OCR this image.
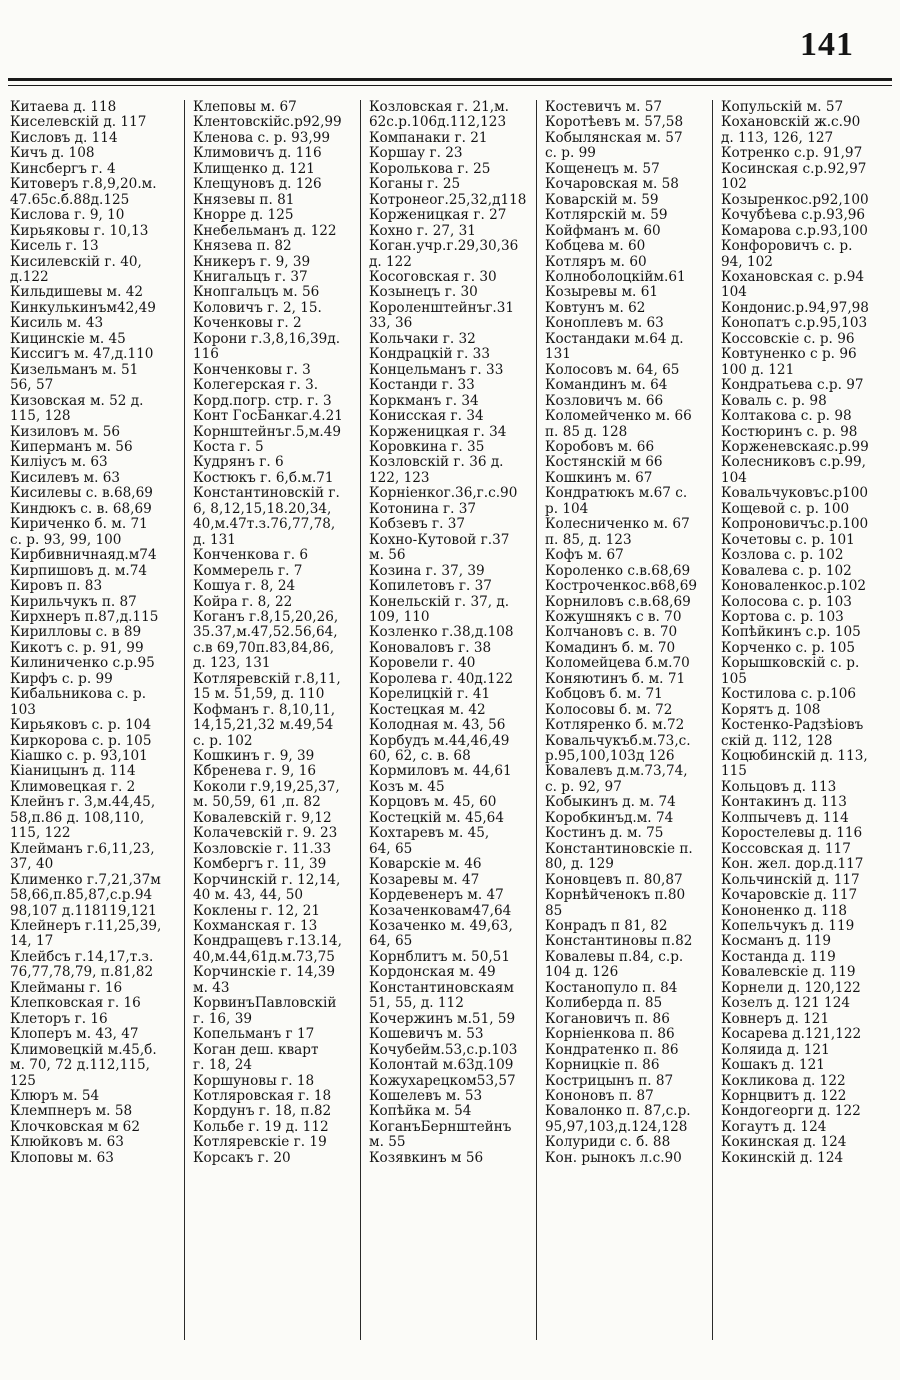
141
Китаева д. 118
Киселевскій д. 117
Кисловъ д. 114
Кичъ д. 108
Кинсбергъ г. 4
Китоверъ г.8,9,20.м.
47.65с.б.88д.125
Кислова г. 9, 10
Кирьяковы г. 10,13
Кисель г. 13
Кисилевскій г. 40,
д.122
Кильдишевы м. 42
Кинкулькинъм42,49
Кисиль м. 43
Кицинскіе м. 45
Киссигъ м. 47,д.110
Кизельманъ м. 51
56, 57
Кизовская м. 52 д.
115, 128
Кизиловъ м. 56
Киперманъ м. 56
Килiусъ м. 63
Кисилевъ м. 63
Кисилевы с. в.68,69
Киндюкъ с. в. 68,69
Кириченко б. м. 71
с. р. 93, 99, 100
Кирбивничнаяд.м74
Кирпишовъ д. м.74
Кировъ п. 83
Кирильчукъ п. 87
Кирхнеръ п.87,д.115
Кирилловы с. в 89
Кикотъ с. р. 91, 99
Килиниченко с.р.95
Кирфъ с. р. 99
Кибальникова с. р.
103
Кирьяковъ с. р. 104
Киркорова с. р. 105
Кiашко с. р. 93,101
Кiаницынъ д. 114
Климовецкая г. 2
Клейнъ г. 3,м.44,45,
58,п.86 д. 108,110,
115, 122
Клейманъ г.6,11,23,
37, 40
Клименко г.7,21,37м
58,66,п.85,87,с.р.94
98,107 д.118119,121
Клейнеръ г.11,25,39,
14, 17
Клейбсъ г.14,17,т.з.
76,77,78,79, п.81,82
Клейманы г. 16
Клепковская г. 16
Клеторъ г. 16
Клоперъ м. 43, 47
Климовецкій м.45,б.
м. 70, 72 д.112,115,
125
Клюръ м. 54
Клемпнеръ м. 58
Клочковская м 62
Клюйковъ м. 63
Клоповы м. 63
Клеповы м. 67
Клентовскiйс.р92,99
Кленова с. р. 93,99
Климовичъ д. 116
Клищенко д. 121
Клещуновъ д. 126
Князевы п. 81
Кнорре д. 125
Кнебельманъ д. 122
Князева п. 82
Кникеръ г. 9, 39
Книгальцъ г. 37
Кнопгальцъ м. 56
Коловичъ г. 2, 15.
Коченковы г. 2
Корони г.3,8,16,39д.
116
Конченковы г. 3
Колегерская г. 3.
Корд.погр. стр. г. 3
Конт ГосБанкаг.4.21
Корнштейнъг.5,м.49
Коста г. 5
Кудрянъ г. 6
Костюкъ г. 6,б.м.71
Константиновскій г.
6, 8,12,15,18.20,34,
40,м.47т.з.76,77,78,
д. 131
Конченкова г. 6
Коммерель г. 7
Кошуа г. 8, 24
Койра г. 8, 22
Коганъ г.8,15,20,26,
35.37,м.47,52.56,64,
с.в 69,70п.83,84,86,
д. 123, 131
Котляревскій г.8,11,
15 м. 51,59, д. 110
Кофманъ г. 8,10,11,
14,15,21,32 м.49,54
с. р. 102
Кошкинъ г. 9, 39
Кбренева г. 9, 16
Коколи г.9,19,25,37,
м. 50,59, 61 ,п. 82
Ковалевскій г. 9,12
Колачевскій г. 9. 23
Козловскiе г. 11.33
Комбергъ г. 11, 39
Корчинскій г. 12,14,
40 м. 43, 44, 50
Коклены г. 12, 21
Кохманская г. 13
Кондращевъ г.13.14,
40,м.44,61д.м.73,75
Корчинскiе г. 14,39
м. 43
КорвинъПавловскій
г. 16, 39
Копельманъ г 17
Коган деш. кварт
г. 18, 24
Коршуновы г. 18
Котляровская г. 18
Кордунъ г. 18, п.82
Кольбе г. 19 д. 112
Котляревскіе г. 19
Корсакъ г. 20
Козловская г. 21,м.
62с.р.106д.112,123
Компанаки г. 21
Коршау г. 23
Королькова г. 25
Коганы г. 25
Котронеог.25,32,д118
Корженицкая г. 27
Кохно г. 27, 31
Коган.учр.г.29,30,36
д. 122
Косоговская г. 30
Козынецъ г. 30
Короленштейнъг.31
33, 36
Кольчаки г. 32
Кондрацкій г. 33
Концельманъ г. 33
Костанди г. 33
Коркманъ г. 34
Конисская г. 34
Корженицкая г. 34
Коровкина г. 35
Козловскій г. 36 д.
122, 123
Корніенког.36,г.с.90
Котонина г. 37
Кобзевъ г. 37
Кохно-Кутовой г.37
м. 56
Козина г. 37, 39
Копилетовъ г. 37
Конельскій г. 37, д.
109, 110
Козленко г.38,д.108
Коноваловъ г. 38
Коровели г. 40
Королева г. 40д.122
Корелицкій г. 41
Костецкая м. 42
Колодная м. 43, 56
Корбудъ м.44,46,49
60, 62, с. в. 68
Кормиловъ м. 44,61
Козъ м. 45
Корцовъ м. 45, 60
Костецкій м. 45,64
Кохтаревъ м. 45,
64, 65
Коварскіе м. 46
Козаревы м. 47
Кордевенеръ м. 47
Козаченковам47,64
Козаченко м. 49,63,
64, 65
Корнблитъ м. 50,51
Кордонская м. 49
Константиновскаям
51, 55, д. 112
Кочержинъ м.51, 59
Кошевичъ м. 53
Кочубейм.53,с.р.103
Колонтай м.63д.109
Кожухарецком53,57
Кошелевъ м. 53
Копѣйка м. 54
КоганъБернштейнъ
м. 55
Козявкинъ м 56
Костевичъ м. 57
Коротѣевъ м. 57,58
Кобылянская м. 57
с. р. 99
Кощенецъ м. 57
Кочаровская м. 58
Коварскій м. 59
Котлярскій м. 59
Койфманъ м. 60
Кобцева м. 60
Котляръ м. 60
Колноболоцкійм.61
Козыревы м. 61
Ковтунъ м. 62
Коноплевъ м. 63
Костандаки м.64 д.
131
Колосовъ м. 64, 65
Командинъ м. 64
Козловичъ м. 66
Коломейченко м. 66
п. 85 д. 128
Коробовъ м. 66
Костянскій м 66
Кошкинъ м. 67
Кондратюкъ м.67 с.
р. 104
Колесниченко м. 67
п. 85, д. 123
Кофъ м. 67
Короленко с.в.68,69
Костроченкос.в68,69
Корниловъ с.в.68,69
Кожушнякъ с в. 70
Колчановъ с. в. 70
Комадинъ б. м. 70
Коломейцева б.м.70
Коняютинъ б. м. 71
Кобцовъ б. м. 71
Колосовы б. м. 72
Котляренко б. м.72
Ковальчукъб.м.73,с.
р.95,100,103д 126
Ковалевъ д.м.73,74,
с. р. 92, 97
Кобыкинъ д. м. 74
Коробкинъд.м. 74
Костинъ д. м. 75
Константиновскіе п.
80, д. 129
Коновцевъ п. 80,87
Корнѣйченокъ п.80
85
Конрадъ п 81, 82
Константиновы п.82
Ковалевы п.84, с.р.
104 д. 126
Костанопуло п. 84
Колиберда п. 85
Когановичъ п. 86
Корніенкова п. 86
Кондратенко п. 86
Корницкіе п. 86
Кострицынъ п. 87
Кононовъ п. 87
Ковалонко п. 87,с.р.
95,97,103,д.124,128
Колуриди с. б. 88
Кон. рынокъ л.с.90
Копульскій м. 57
Кохановскій ж.с.90
д. 113, 126, 127
Котренко с.р. 91,97
Косинская с.р.92,97
102
Козыренкос.р92,100
Кочубѣева с.р.93,96
Комарова с.р.93,100
Конфоровичъ с. р.
94, 102
Кохановская с. р.94
104
Кондонис.р.94,97,98
Конопатъ с.р.95,103
Коссовскіе с. р. 96
Ковтуненко с р. 96
100 д. 121
Кондратьева с.р. 97
Коваль с. р. 98
Колтакова с. р. 98
Костюринъ с. р. 98
Корженевскаяс.р.99
Колесниковъ с.р.99,
104
Ковальчуковъс.р100
Кощевой с. р. 100
Копроновичъс.р.100
Кочетовы с. р. 101
Козлова с. р. 102
Ковалева с. р. 102
Коноваленкос.р.102
Колосова с. р. 103
Кортова с. р. 103
Копѣйкинъ с.р. 105
Корченко с. р. 105
Корышковскій с. р.
105
Костилова с. р.106
Корятъ д. 108
Костенко-Радзѣіовъ
скій д. 112, 128
Коцюбинскій д. 113,
115
Кольцовъ д. 113
Контакинъ д. 113
Колпычевъ д. 114
Коростелевы д. 116
Коссовская д. 117
Кон. жел. дор.д.117
Кольчинскій д. 117
Кочаровскіе д. 117
Кононенко д. 118
Копельчукъ д. 119
Косманъ д. 119
Костанда д. 119
Ковалевскіе д. 119
Корнели д. 120,122
Козелъ д. 121 124
Ковнеръ д. 121
Косарева д.121,122
Коляида д. 121
Кошакъ д. 121
Кокликова д. 122
Корнцвитъ д. 122
Кондогеорги д. 122
Когаутъ д. 124
Кокинская д. 124
Кокинскій д. 124
